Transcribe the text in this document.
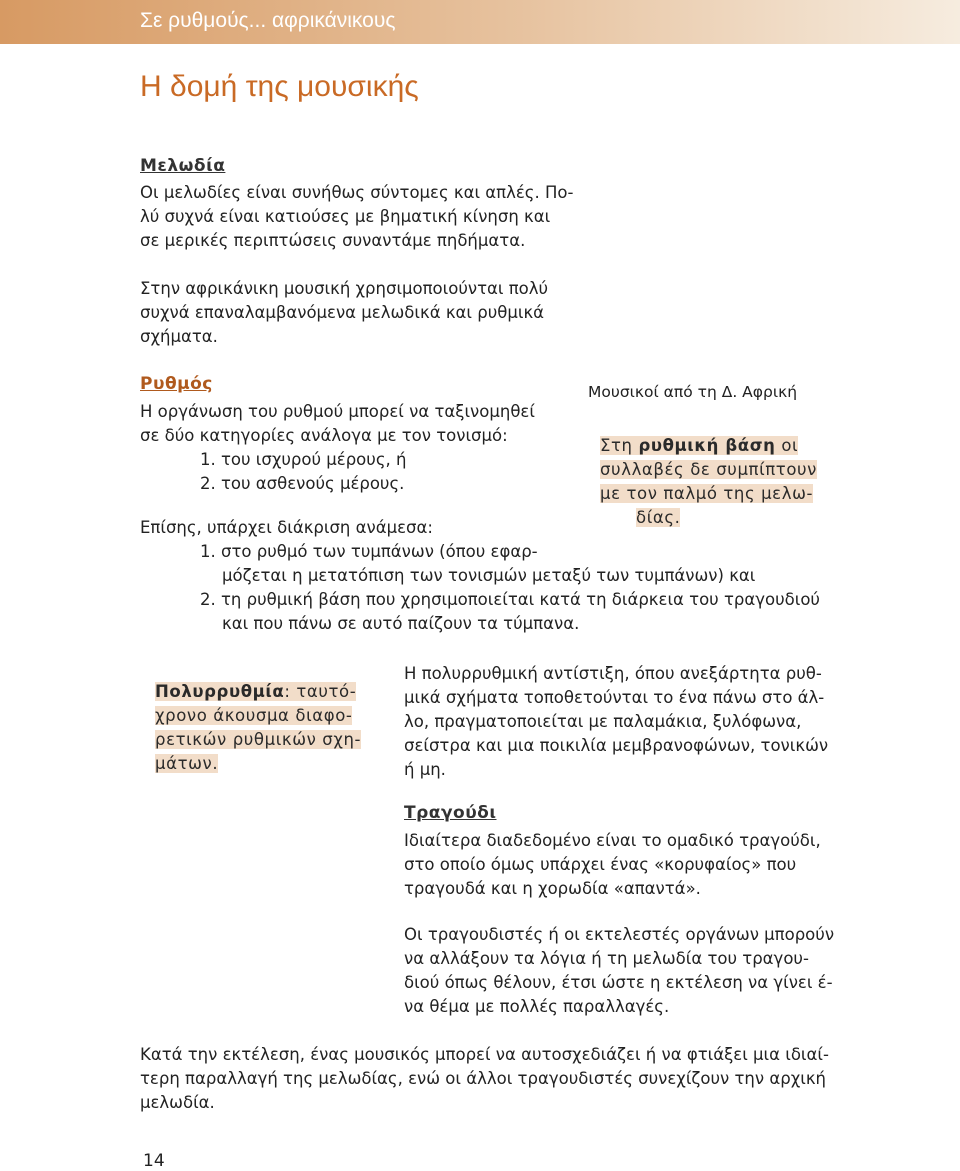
Σε ρυθμούς... αφρικάνικους
Η δομή της μουσικής
Μελωδία
Οι μελωδίες είναι συνήθως σύντομες και απλές. Πο-
λύ συχνά είναι κατιούσες με βηματική κίνηση και
σε μερικές περιπτώσεις συναντάμε πηδήματα.
Στην αφρικάνικη μουσική χρησιμοποιούνται πολύ
συχνά επαναλαμβανόμενα μελωδικά και ρυθμικά
σχήματα.
Ρυθμός
Η οργάνωση του ρυθμού μπορεί να ταξινομηθεί
σε δύο κατηγορίες ανάλογα με τον τονισμό:
1. του ισχυρού μέρους, ή
2. του ασθενούς μέρους.
Επίσης, υπάρχει διάκριση ανάμεσα:
1. στο ρυθμό των τυμπάνων (όπου εφαρ-
μόζεται η μετατόπιση των τονισμών μεταξύ των τυμπάνων) και
2. τη ρυθμική βάση που χρησιμοποιείται κατά τη διάρκεια του τραγουδιού
και που πάνω σε αυτό παίζουν τα τύμπανα.
Μουσικοί από τη Δ. Αφρική
Στη ρυθμική βάση οι
συλλαβές δε συμπίπτουν
με τον παλμό της μελω-
δίας.
Πολυρρυθμία: ταυτό-
χρονο άκουσμα διαφο-
ρετικών ρυθμικών σχη-
μάτων.
Η πολυρρυθμική αντίστιξη, όπου ανεξάρτητα ρυθ-
μικά σχήματα τοποθετούνται το ένα πάνω στο άλ-
λο, πραγματοποιείται με παλαμάκια, ξυλόφωνα,
σείστρα και μια ποικιλία μεμβρανοφώνων, τονικών
ή μη.
Τραγούδι
Ιδιαίτερα διαδεδομένο είναι το ομαδικό τραγούδι,
στο οποίο όμως υπάρχει ένας «κορυφαίος» που
τραγουδά και η χορωδία «απαντά».
Οι τραγουδιστές ή οι εκτελεστές οργάνων μπορούν
να αλλάξουν τα λόγια ή τη μελωδία του τραγου-
διού όπως θέλουν, έτσι ώστε η εκτέλεση να γίνει έ-
να θέμα με πολλές παραλλαγές.
Κατά την εκτέλεση, ένας μουσικός μπορεί να αυτοσχεδιάζει ή να φτιάξει μια ιδιαί-
τερη παραλλαγή της μελωδίας, ενώ οι άλλοι τραγουδιστές συνεχίζουν την αρχική
μελωδία.
14
